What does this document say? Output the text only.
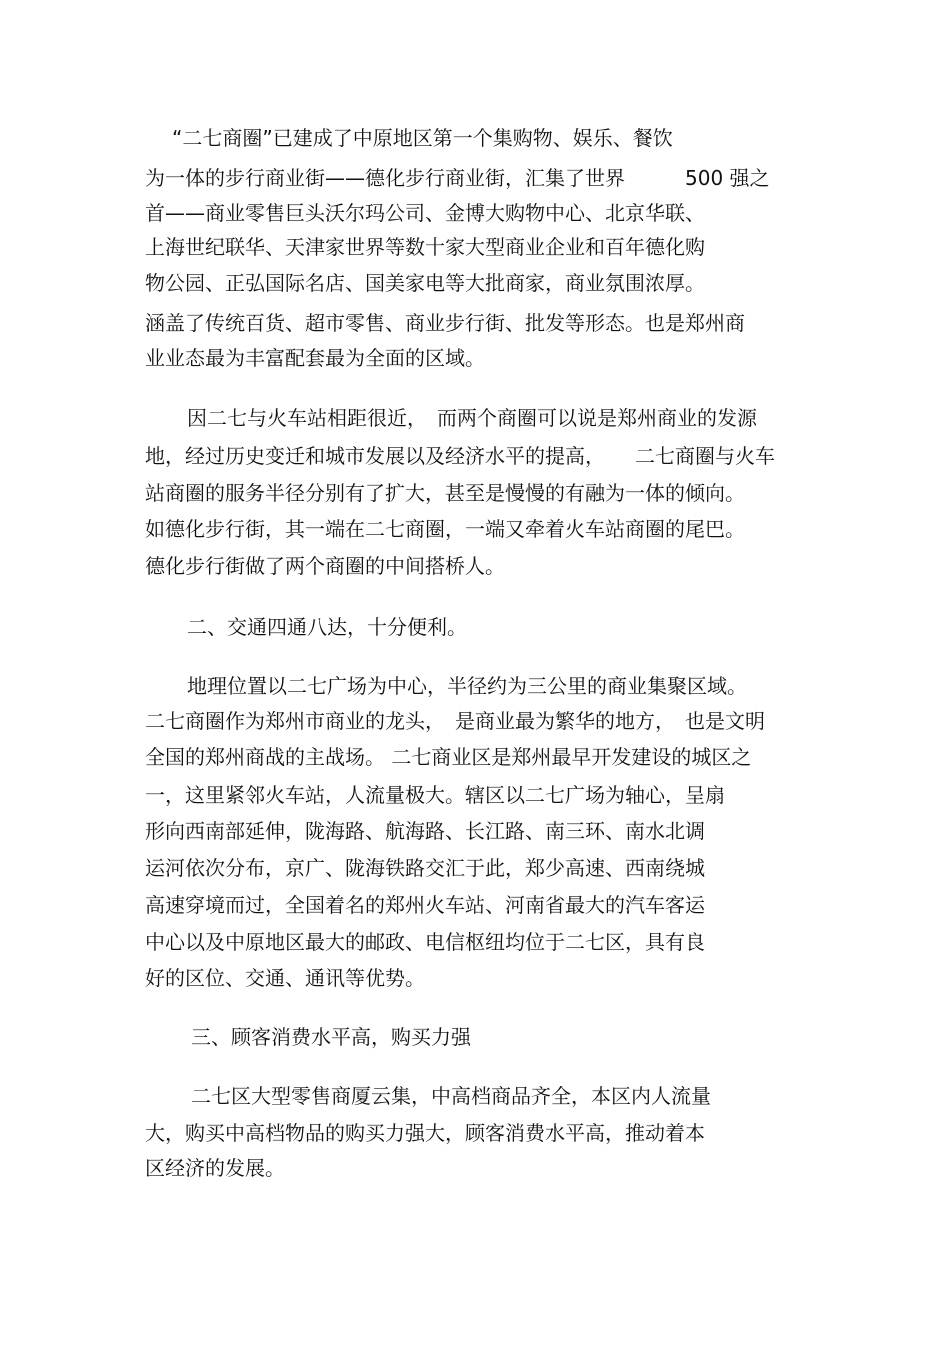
“二七商圈”已建成了中原地区第一个集购物、娱乐、餐饮
为一体的步行商业街——德化步行商业街，汇集了世界　　　500 强之
首——商业零售巨头沃尔玛公司、金博大购物中心、北京华联、
上海世纪联华、天津家世界等数十家大型商业企业和百年德化购
物公园、正弘国际名店、国美家电等大批商家，商业氛围浓厚。
涵盖了传统百货、超市零售、商业步行街、批发等形态。也是郑州商
业业态最为丰富配套最为全面的区域。
因二七与火车站相距很近，　而两个商圈可以说是郑州商业的发源
地，经过历史变迁和城市发展以及经济水平的提高，　　二七商圈与火车
站商圈的服务半径分别有了扩大，甚至是慢慢的有融为一体的倾向。
如德化步行街，其一端在二七商圈，一端又牵着火车站商圈的尾巴。
德化步行街做了两个商圈的中间搭桥人。
二、交通四通八达，十分便利。
地理位置以二七广场为中心，半径约为三公里的商业集聚区域。
二七商圈作为郑州市商业的龙头，　是商业最为繁华的地方，　也是文明
全国的郑州商战的主战场。 二七商业区是郑州最早开发建设的城区之
一，这里紧邻火车站，人流量极大。辖区以二七广场为轴心，呈扇
形向西南部延伸，陇海路、航海路、长江路、南三环、南水北调
运河依次分布，京广、陇海铁路交汇于此，郑少高速、西南绕城
高速穿境而过，全国着名的郑州火车站、河南省最大的汽车客运
中心以及中原地区最大的邮政、电信枢纽均位于二七区，具有良
好的区位、交通、通讯等优势。
三、顾客消费水平高，购买力强
二七区大型零售商厦云集，中高档商品齐全，本区内人流量
大，购买中高档物品的购买力强大，顾客消费水平高，推动着本
区经济的发展。
